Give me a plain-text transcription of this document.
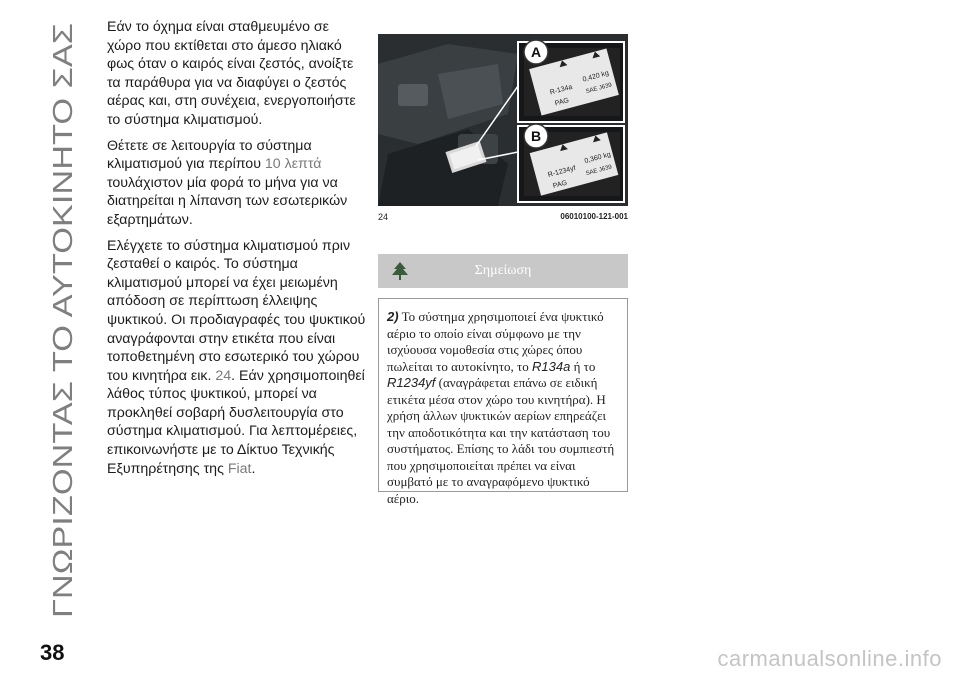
ΓΝΩΡΙΖΟΝΤΑΣ ΤΟ ΑΥΤΟΚΙΝΗΤΟ ΣΑΣ

Εάν το όχημα είναι σταθμευμένο σε χώρο που εκτίθεται στο άμεσο ηλιακό φως όταν ο καιρός είναι ζεστός, ανοίξτε τα παράθυρα για να διαφύγει ο ζεστός αέρας και, στη συνέχεια, ενεργοποιήστε το σύστημα κλιματισμού.

Θέτετε σε λειτουργία το σύστημα κλιματισμού για περίπου 10 λεπτά τουλάχιστον μία φορά το μήνα για να διατηρείται η λίπανση των εσωτερικών εξαρτημάτων.

Ελέγχετε το σύστημα κλιματισμού πριν ζεσταθεί ο καιρός. Το σύστημα κλιματισμού μπορεί να έχει μειωμένη απόδοση σε περίπτωση έλλειψης ψυκτικού. Οι προδιαγραφές του ψυκτικού αναγράφονται στην ετικέτα που είναι τοποθετημένη στο εσωτερικό του χώρου του κινητήρα εικ. 24. Εάν χρησιμοποιηθεί λάθος τύπος ψυκτικού, μπορεί να προκληθεί σοβαρή δυσλειτουργία στο σύστημα κλιματισμού. Για λεπτομέρειες, επικοινωνήστε με το Δίκτυο Τεχνικής Εξυπηρέτησης της Fiat.

R-134a
0,420 kg
PAG
SAE J639
A
R-1234yf
0,360 kg
PAG
SAE J639
B
24	06010100-121-001
Σημείωση
2) Το σύστημα χρησιμοποιεί ένα ψυκτικό αέριο το οποίο είναι σύμφωνο με την ισχύουσα νομοθεσία στις χώρες όπου πωλείται το αυτοκίνητο, το R134a ή το R1234yf (αναγράφεται επάνω σε ειδική ετικέτα μέσα στον χώρο του κινητήρα). Η χρήση άλλων ψυκτικών αερίων επηρεάζει την αποδοτικότητα και την κατάσταση του συστήματος. Επίσης το λάδι του συμπιεστή που χρησιμοποιείται πρέπει να είναι συμβατό με το αναγραφόμενο ψυκτικό αέριο.
38	carmanualsonline.info
